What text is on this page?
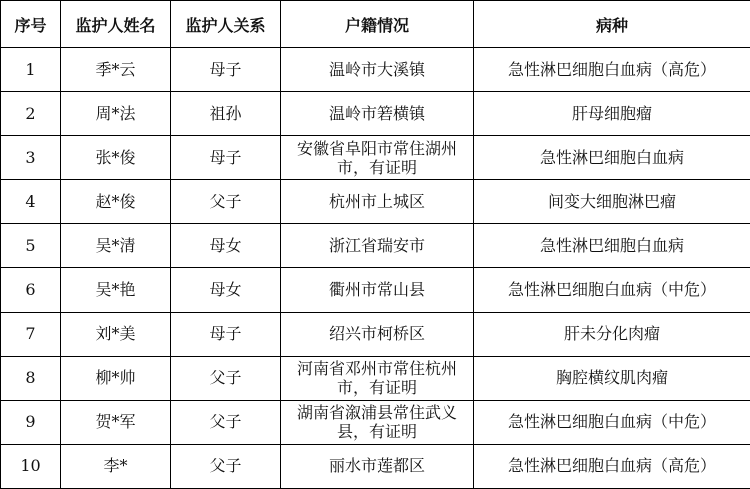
序号	监护人姓名	监护人关系	户籍情况	病种
1	季*云	母子	温岭市大溪镇	急性淋巴细胞白血病（高危）
2	周*法	祖孙	温岭市箬横镇	肝母细胞瘤
3	张*俊	母子	安徽省阜阳市常住湖州市，有证明	急性淋巴细胞白血病
4	赵*俊	父子	杭州市上城区	间变大细胞淋巴瘤
5	吴*清	母女	浙江省瑞安市	急性淋巴细胞白血病
6	吴*艳	母女	衢州市常山县	急性淋巴细胞白血病（中危）
7	刘*美	母子	绍兴市柯桥区	肝未分化肉瘤
8	柳*帅	父子	河南省邓州市常住杭州市，有证明	胸腔横纹肌肉瘤
9	贺*军	父子	湖南省溆浦县常住武义县，有证明	急性淋巴细胞白血病（中危）
10	李*	父子	丽水市莲都区	急性淋巴细胞白血病（高危）
